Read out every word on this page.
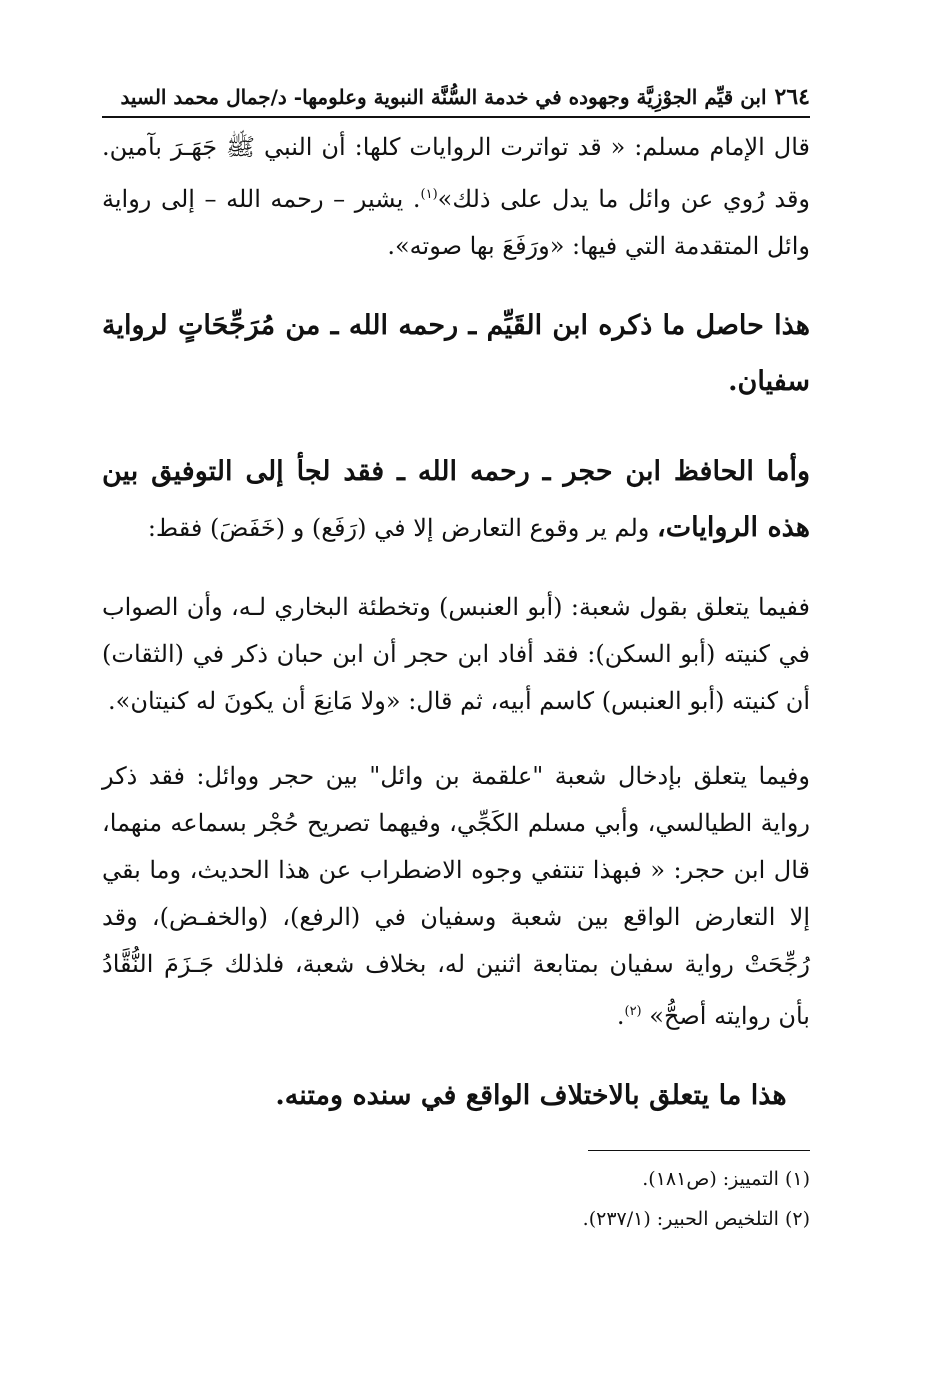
٢٦٤
ابن قيِّم الجوْزِيَّة وجهوده في خدمة السُّنَّة النبوية وعلومها- د/جمال محمد السيد

قال الإمام مسلم: « قد تواترت الروايات كلها: أن النبي ﷺ جَهَـرَ بآمين. وقد رُوي عن وائل ما يدل على ذلك»$^{(١)}$. يشير – رحمه الله – إلى رواية وائل المتقدمة التي فيها: «ورَفَعَ بها صوته».

هذا حاصل ما ذكره ابن القَيِّم ـ رحمه الله ـ من مُرَجِّحَاتٍ لرواية سفيان.

وأما الحافظ ابن حجر ـ رحمه الله ـ فقد لجأ إلى التوفيق بين هذه الروايات، ولم ير وقوع التعارض إلا في (رَفَع) و (خَفَضَ) فقط:

ففيما يتعلق بقول شعبة: (أبو العنبس) وتخطئة البخاري لـه، وأن الصواب في كنيته (أبو السكن): فقد أفاد ابن حجر أن ابن حبان ذكر في (الثقات) أن كنيته (أبو العنبس) كاسم أبيه، ثم قال: «ولا مَانِعَ أن يكونَ له كنيتان».

وفيما يتعلق بإدخال شعبة "علقمة بن وائل" بين حجر ووائل: فقد ذكر رواية الطيالسي، وأبي مسلم الكَجِّي، وفيهما تصريح حُجْر بسماعه منهما، قال ابن حجر: « فبهذا تنتفي وجوه الاضطراب عن هذا الحديث، وما بقي إلا التعارض الواقع بين شعبة وسفيان في (الرفع)، (والخفـض)، وقد رُجِّحَتْ رواية سفيان بمتابعة اثنين له، بخلاف شعبة، فلذلك جَـزَمَ النُّقَّادُ بأن روايته أصحُّ» $^{(٢)}$.

هذا ما يتعلق بالاختلاف الواقع في سنده ومتنه.

(١) التمييز: (ص١٨١).
(٢) التلخيص الحبير: (٢٣٧/١).
